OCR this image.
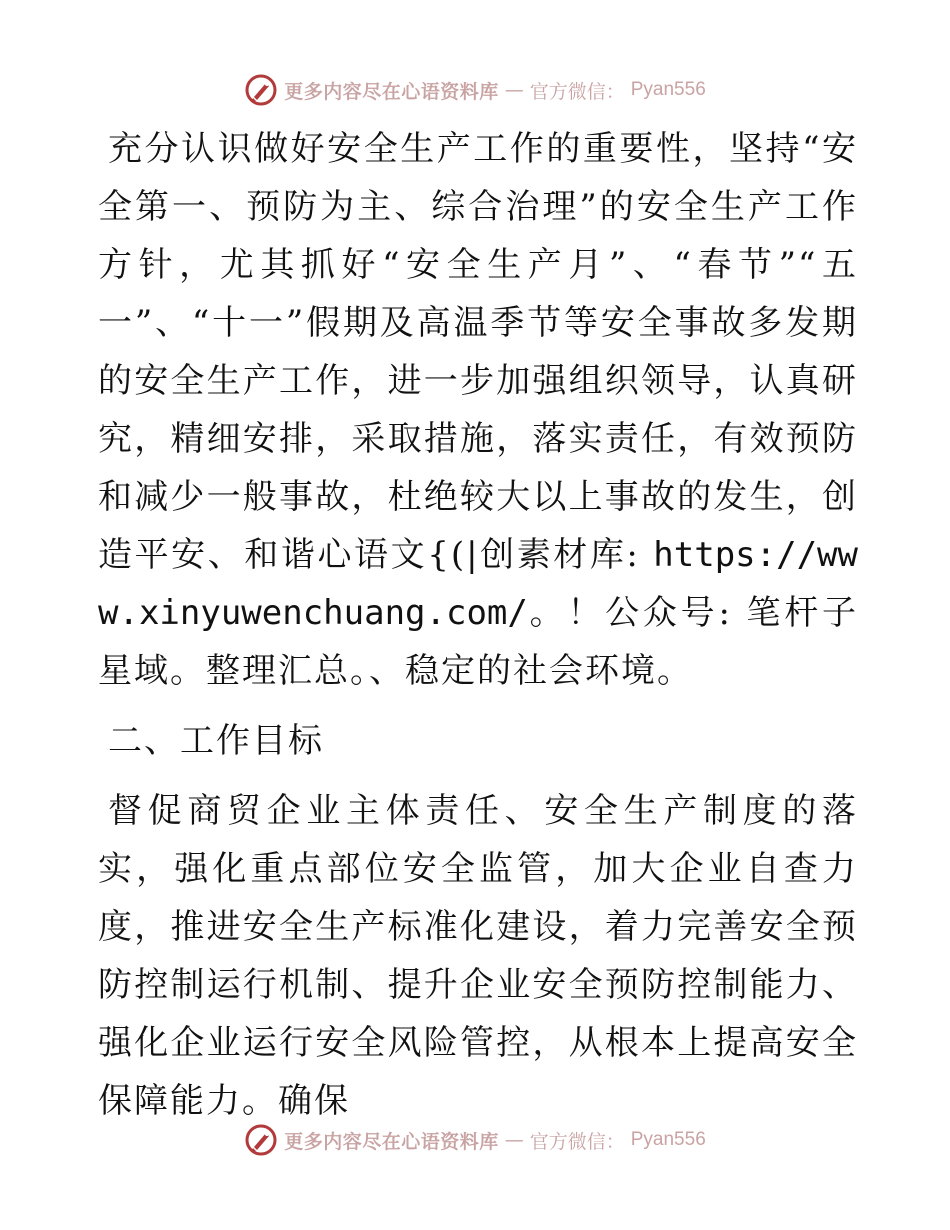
更多内容尽在心语资料库 — 官方微信： Pyan556

充分认识做好安全生产工作的重要性，坚持“安全第一、预防为主、综合治理”的安全生产工作方针，尤其抓好“安全生产月”、“春节”“五一”、“十一”假期及高温季节等安全事故多发期的安全生产工作，进一步加强组织领导，认真研究，精细安排，采取措施，落实责任，有效预防和减少一般事故，杜绝较大以上事故的发生，创造平安、和谐心语文{(|创素材库: https://www.xinyuwenchuang.com/。！公众号: 笔杆子星域。整理汇总。、稳定的社会环境。

二、工作目标

督促商贸企业主体责任、安全生产制度的落实，强化重点部位安全监管，加大企业自查力度，推进安全生产标准化建设，着力完善安全预防控制运行机制、提升企业安全预防控制能力、强化企业运行安全风险管控，从根本上提高安全保障能力。确保

更多内容尽在心语资料库 — 官方微信： Pyan556
